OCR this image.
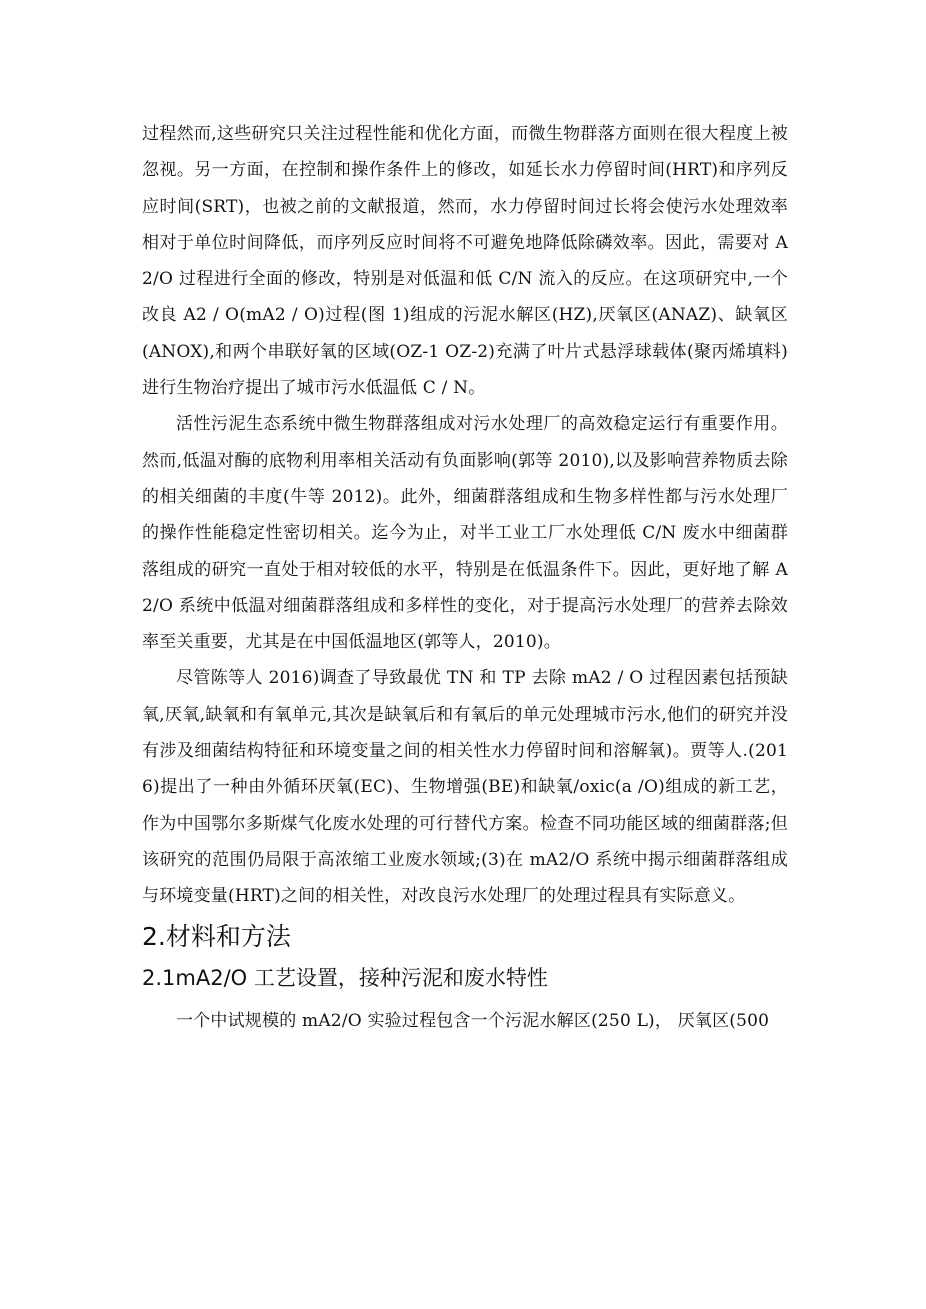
过程然而,这些研究只关注过程性能和优化方面，而微生物群落方面则在很大程度上被忽视。另一方面，在控制和操作条件上的修改，如延长水力停留时间(HRT)和序列反应时间(SRT)，也被之前的文献报道，然而，水力停留时间过长将会使污水处理效率相对于单位时间降低，而序列反应时间将不可避免地降低除磷效率。因此，需要对 A2/O 过程进行全面的修改，特别是对低温和低 C/N 流入的反应。在这项研究中,一个改良 A2 / O(mA2 / O)过程(图 1)组成的污泥水解区(HZ),厌氧区(ANAZ)、缺氧区(ANOX),和两个串联好氧的区域(OZ-1 OZ-2)充满了叶片式悬浮球载体(聚丙烯填料)进行生物治疗提出了城市污水低温低 C / N。

活性污泥生态系统中微生物群落组成对污水处理厂的高效稳定运行有重要作用。然而,低温对酶的底物利用率相关活动有负面影响(郭等 2010),以及影响营养物质去除的相关细菌的丰度(牛等 2012)。此外，细菌群落组成和生物多样性都与污水处理厂的操作性能稳定性密切相关。迄今为止，对半工业工厂水处理低 C/N 废水中细菌群落组成的研究一直处于相对较低的水平，特别是在低温条件下。因此，更好地了解 A2/O 系统中低温对细菌群落组成和多样性的变化，对于提高污水处理厂的营养去除效率至关重要，尤其是在中国低温地区(郭等人，2010)。

尽管陈等人 2016)调查了导致最优 TN 和 TP 去除 mA2 / O 过程因素包括预缺氧,厌氧,缺氧和有氧单元,其次是缺氧后和有氧后的单元处理城市污水,他们的研究并没有涉及细菌结构特征和环境变量之间的相关性水力停留时间和溶解氧)。贾等人.(2016)提出了一种由外循环厌氧(EC)、生物增强(BE)和缺氧/oxic(a /O)组成的新工艺，作为中国鄂尔多斯煤气化废水处理的可行替代方案。检查不同功能区域的细菌群落;但该研究的范围仍局限于高浓缩工业废水领域;(3)在 mA2/O 系统中揭示细菌群落组成与环境变量(HRT)之间的相关性，对改良污水处理厂的处理过程具有实际意义。

2.材料和方法
2.1mA2/O 工艺设置，接种污泥和废水特性

一个中试规模的 mA2/O 实验过程包含一个污泥水解区(250 L)， 厌氧区(500
